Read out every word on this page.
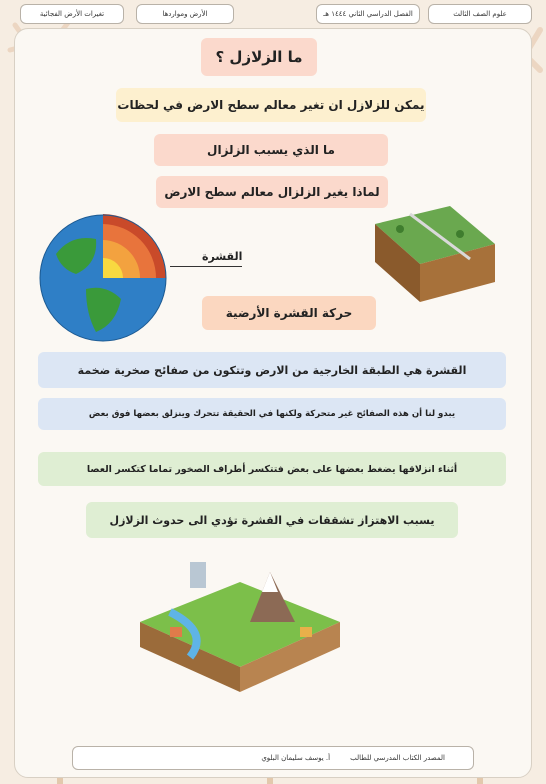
علوم الصف الثالث
الفصل الدراسي الثاني ١٤٤٤ هـ
الأرض ومواردها
تغيرات الأرض الفجائية
ما الزلازل ؟
يمكن للزلازل ان تغير معالم سطح الارض في لحظات
ما الذي يسبب الزلزال
لماذا يغير الزلزال معالم سطح الارض
القشرة
حركة القشرة الأرضية
القشرة هي الطبقة الخارجية من الارض وتتكون من صفائح صخرية ضخمة
يبدو لنا أن هذه الصفائح غير متحركة ولكنها في الحقيقة تتحرك وينزلق بعضها فوق بعض
أثناء انزلاقها يضغط بعضها على بعض فتتكسر أطراف الصخور تماما كتكسر العصا
يسبب الاهتزاز تشققات في القشرة تؤدي الى حدوث الزلازل
المصدر الكتاب المدرسي للطالب
أ. يوسف سليمان البلوي
